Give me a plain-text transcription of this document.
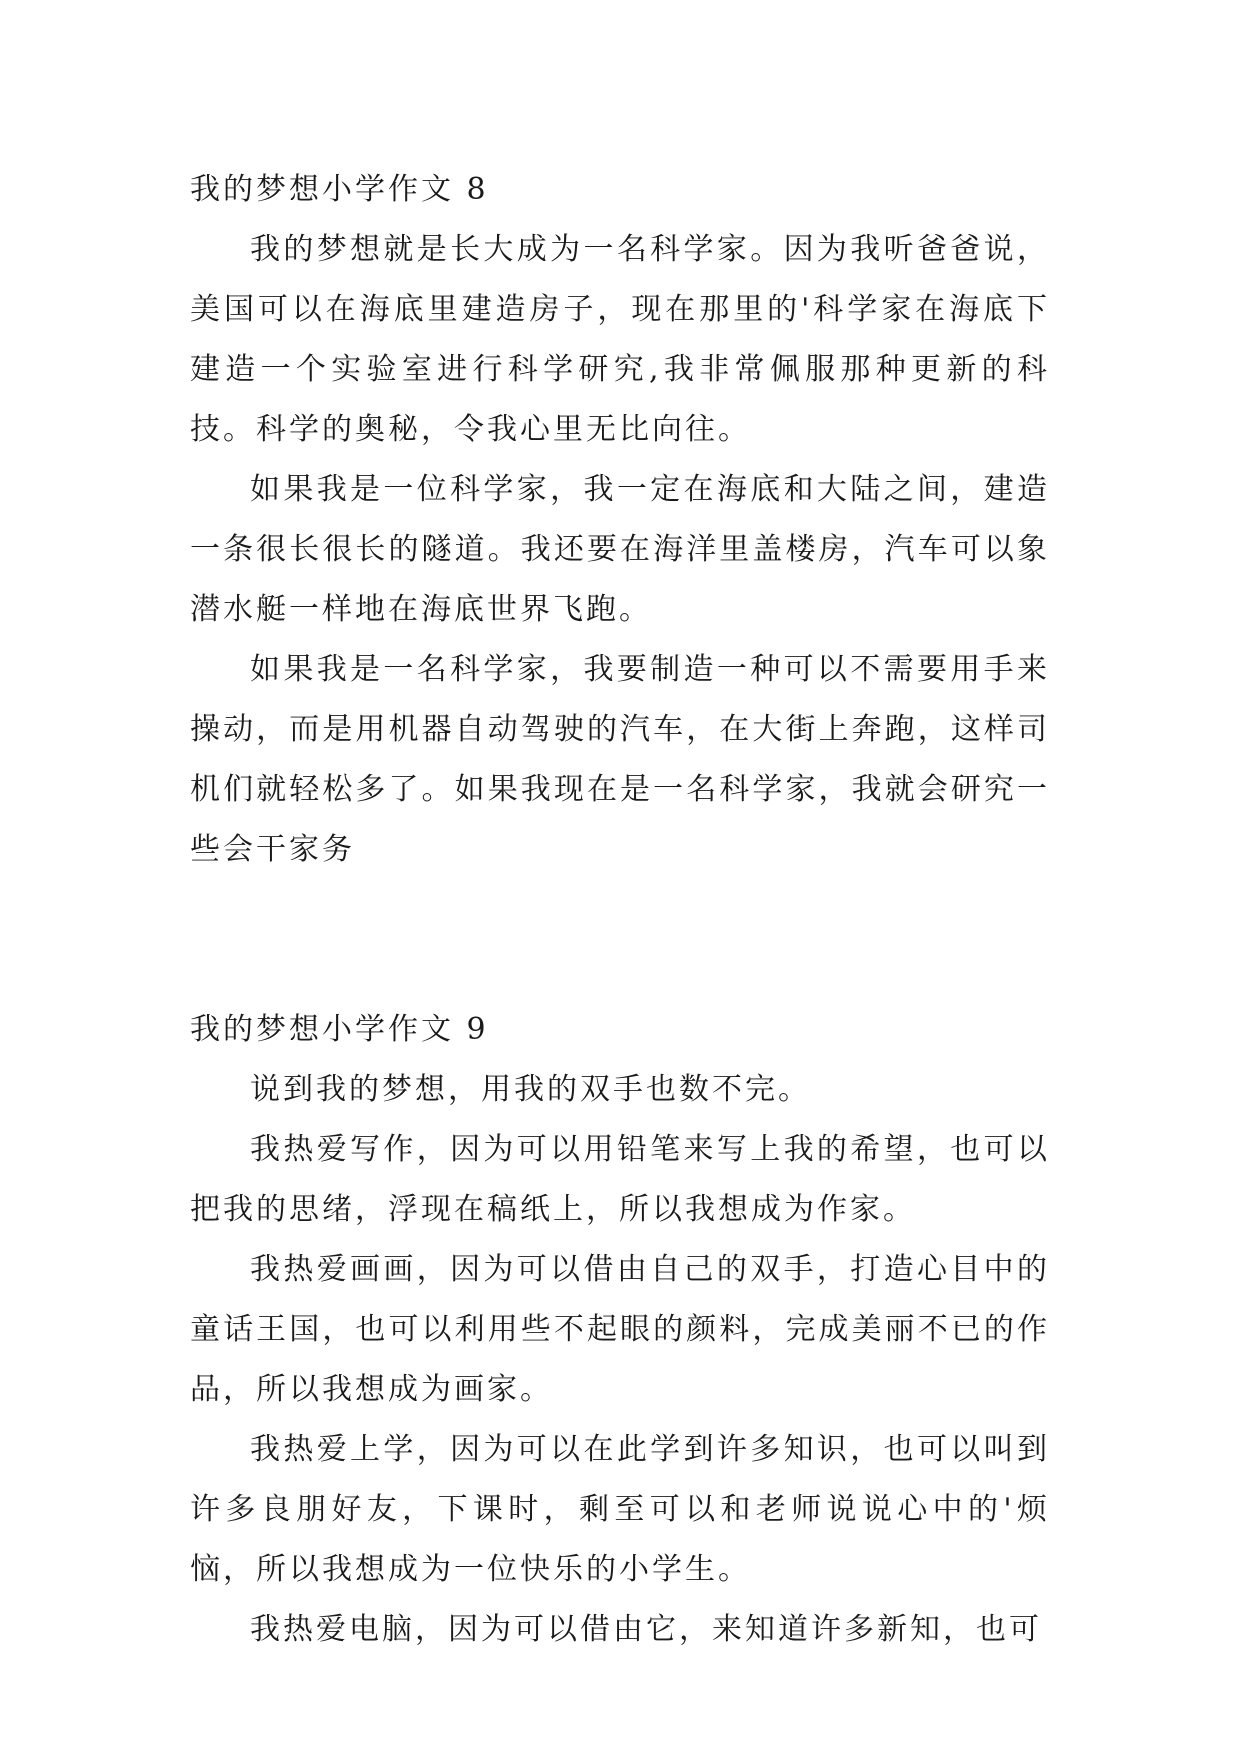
我的梦想小学作文 8

我的梦想就是长大成为一名科学家。因为我听爸爸说，美国可以在海底里建造房子，现在那里的'科学家在海底下建造一个实验室进行科学研究,我非常佩服那种更新的科技。科学的奥秘，令我心里无比向往。

如果我是一位科学家，我一定在海底和大陆之间，建造一条很长很长的隧道。我还要在海洋里盖楼房，汽车可以象潜水艇一样地在海底世界飞跑。

如果我是一名科学家，我要制造一种可以不需要用手来操动，而是用机器自动驾驶的汽车，在大街上奔跑，这样司机们就轻松多了。如果我现在是一名科学家，我就会研究一些会干家务

我的梦想小学作文 9

说到我的梦想，用我的双手也数不完。

我热爱写作，因为可以用铅笔来写上我的希望，也可以把我的思绪，浮现在稿纸上，所以我想成为作家。

我热爱画画，因为可以借由自己的双手，打造心目中的童话王国，也可以利用些不起眼的颜料，完成美丽不已的作品，所以我想成为画家。

我热爱上学，因为可以在此学到许多知识，也可以叫到许多良朋好友，下课时，剩至可以和老师说说心中的'烦恼，所以我想成为一位快乐的小学生。

我热爱电脑，因为可以借由它，来知道许多新知，也可
